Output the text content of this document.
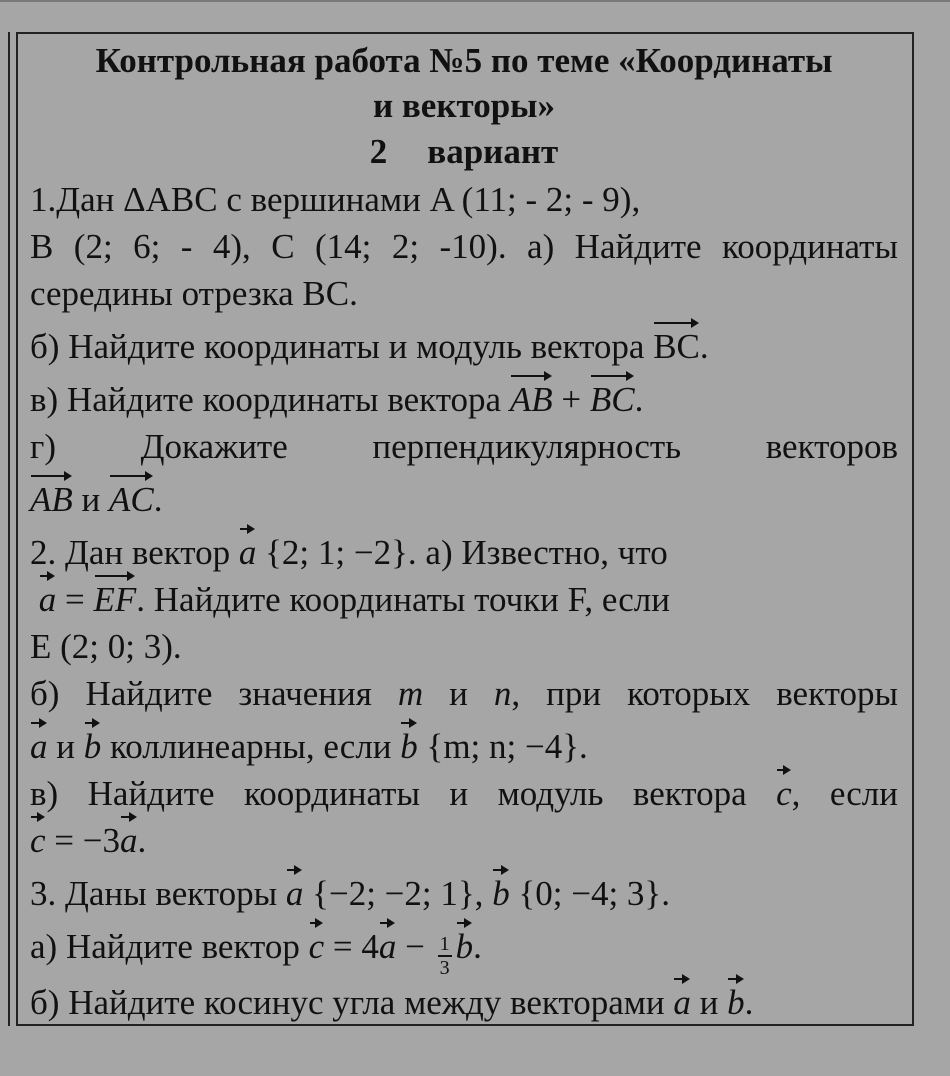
Контрольная работа №5 по теме «Координаты
и векторы»
2 вариант

1.Дан ΔABC с вершинами A (11; - 2; - 9),

B (2; 6; - 4), C (14; 2; -10). а) Найдите координаты

середины отрезка BC.

б) Найдите координаты и модуль вектора BC.

в) Найдите координаты вектора AB + BC.

г) Докажите перпендикулярность векторов

AB и AC.

2. Дан вектор a {2; 1; −2}. а) Известно, что

a = EF. Найдите координаты точки F, если

E (2; 0; 3).

б) Найдите значения m и n, при которых векторы

a и b коллинеарны, если b {m; n; −4}.

в) Найдите координаты и модуль вектора c, если

c = −3a.

3. Даны векторы a {−2; −2; 1}, b {0; −4; 3}.

а) Найдите вектор $c = 4a - \frac{1}{3} b$.

б) Найдите косинус угла между векторами a и b.
